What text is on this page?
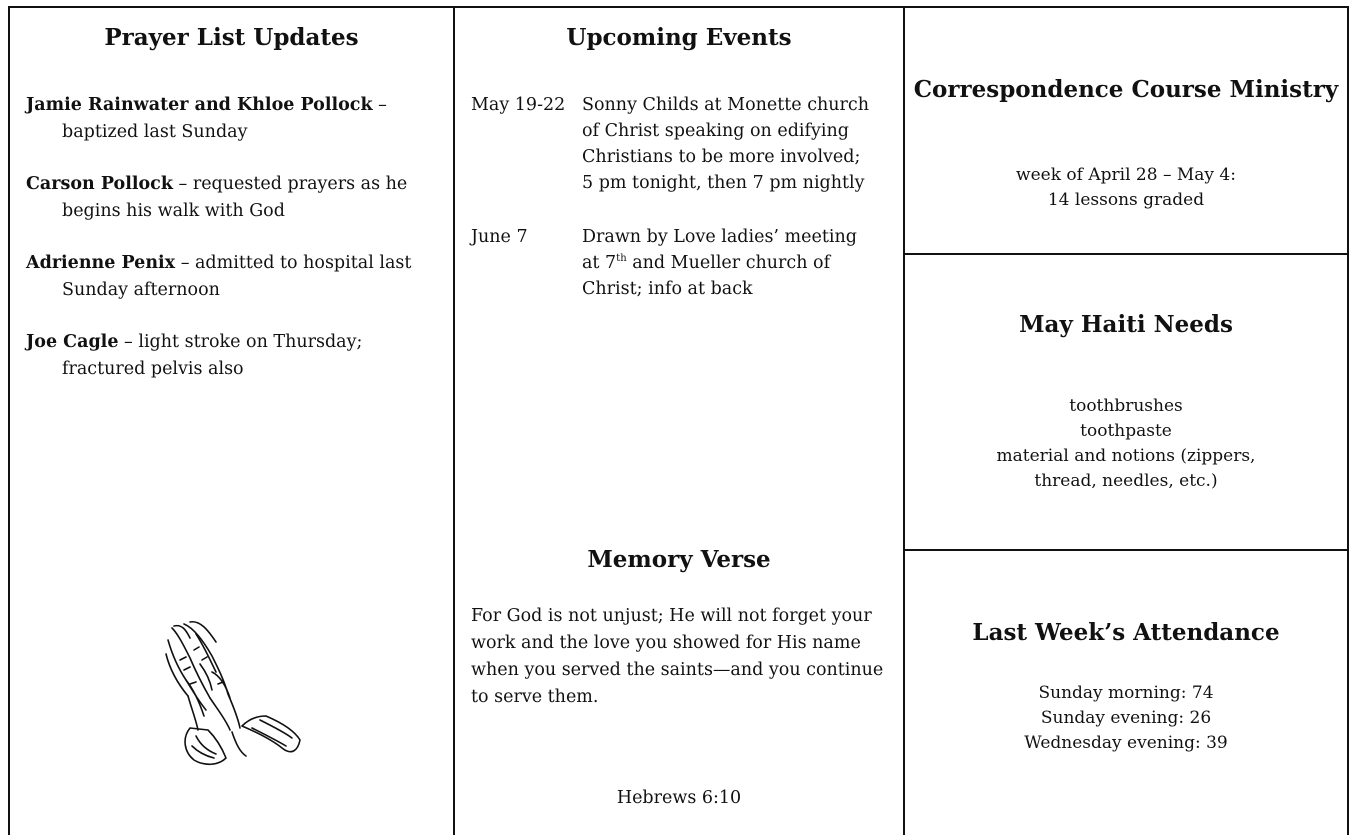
Prayer List Updates

Jamie Rainwater and Khloe Pollock – baptized last Sunday

Carson Pollock – requested prayers as he begins his walk with God

Adrienne Penix – admitted to hospital last Sunday afternoon

Joe Cagle – light stroke on Thursday; fractured pelvis also

Upcoming Events
May 19-22 Sonny Childs at Monette church of Christ speaking on edifying Christians to be more involved; 5 pm tonight, then 7 pm nightly
June 7	Drawn by Love ladies’ meeting at 7th and Mueller church of Christ; info at back
Memory Verse

For God is not unjust; He will not forget your work and the love you showed for His name when you served the saints—and you continue to serve them.

Hebrews 6:10
Correspondence Course Ministry
week of April 28 – May 4:
14 lessons graded
May Haiti Needs
toothbrushes
toothpaste
material and notions (zippers,
thread, needles, etc.)
Last Week’s Attendance
Sunday morning: 74
Sunday evening: 26
Wednesday evening: 39
